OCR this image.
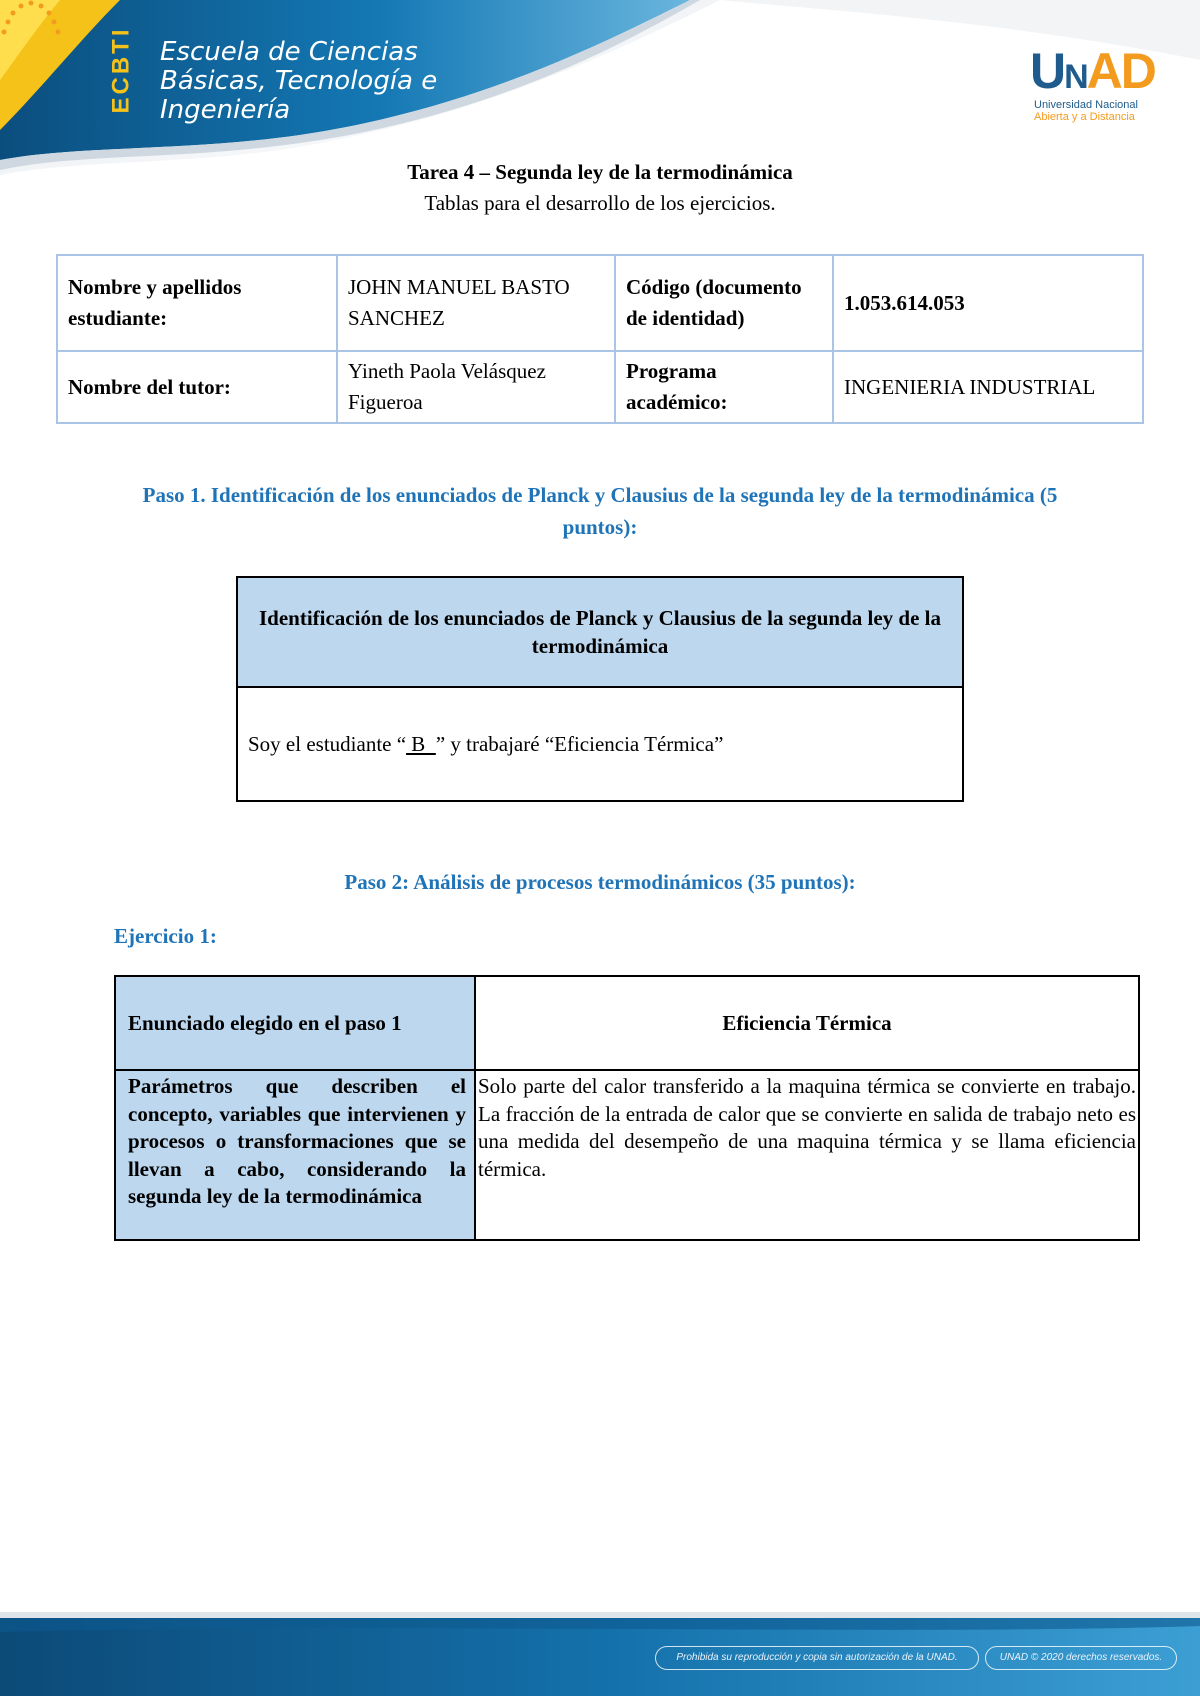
ECBTI Escuela de Ciencias
Básicas, Tecnología e
Ingeniería
UNAD
Universidad Nacional
Abierta y a Distancia
Tarea 4 – Segunda ley de la termodinámica
Tablas para el desarrollo de los ejercicios.
Nombre y apellidos estudiante:	JOHN MANUEL BASTO SANCHEZ	Código (documento de identidad)	1.053.614.053
Nombre del tutor:	Yineth Paola Velásquez Figueroa	Programa académico:	INGENIERIA INDUSTRIAL
Paso 1. Identificación de los enunciados de Planck y Clausius de la segunda ley de la termodinámica (5 puntos):
Identificación de los enunciados de Planck y Clausius de la segunda ley de la termodinámica

Soy el estudiante “ B  ” y trabajaré “Eficiencia Térmica”
Paso 2: Análisis de procesos termodinámicos (35 puntos):
Ejercicio 1:
Enunciado elegido en el paso 1	Eficiencia Térmica
Parámetros que describen el concepto, variables que intervienen y procesos o transformaciones que se llevan a cabo, considerando la segunda ley de la termodinámica	Solo parte del calor transferido a la maquina térmica se convierte en trabajo. La fracción de la entrada de calor que se convierte en salida de trabajo neto es una medida del desempeño de una maquina térmica y se llama eficiencia térmica.
Prohibida su reproducción y copia sin autorización de la UNAD.	UNAD © 2020 derechos reservados.
